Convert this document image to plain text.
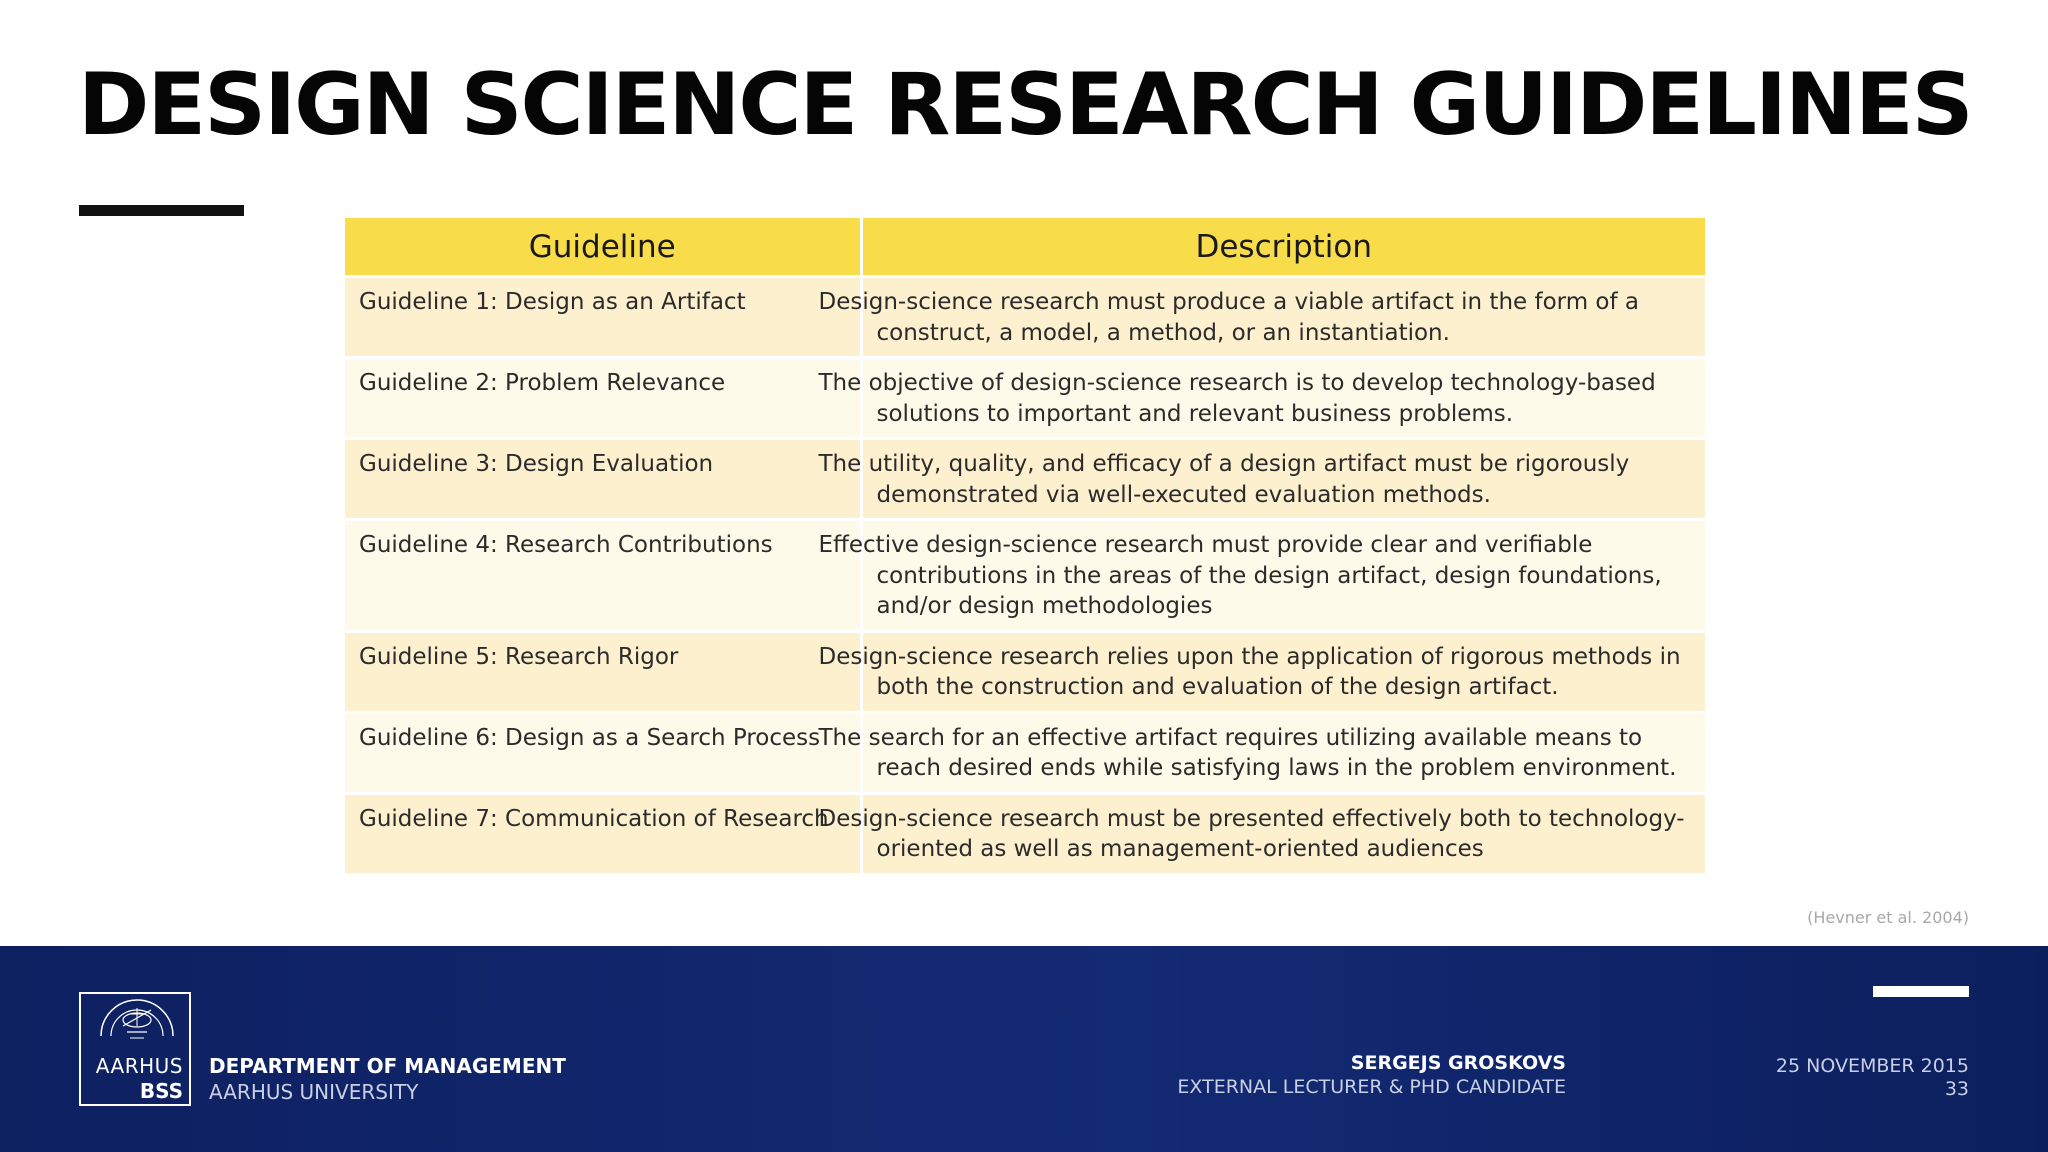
DESIGN SCIENCE RESEARCH GUIDELINES
Guideline	Description
Guideline 1: Design as an Artifact	Design-science research must produce a viable artifact in the form of a construct, a model, a method, or an instantiation.
Guideline 2: Problem Relevance	The objective of design-science research is to develop technology-based solutions to important and relevant business problems.
Guideline 3: Design Evaluation	The utility, quality, and efficacy of a design artifact must be rigorously demonstrated via well-executed evaluation methods.
Guideline 4: Research Contributions	Effective design-science research must provide clear and verifiable contributions in the areas of the design artifact, design foundations, and/or design methodologies
Guideline 5: Research Rigor	Design-science research relies upon the application of rigorous methods in both the construction and evaluation of the design artifact.
Guideline 6: Design as a Search Process	The search for an effective artifact requires utilizing available means to reach desired ends while satisfying laws in the problem environment.
Guideline 7: Communication of Research	Design-science research must be presented effectively both to technology-oriented as well as management-oriented audiences
(Hevner et al. 2004)
AARHUS
BSS
DEPARTMENT OF MANAGEMENT
AARHUS UNIVERSITY
SERGEJS GROSKOVS
EXTERNAL LECTURER & PHD CANDIDATE
25 NOVEMBER 2015
33
